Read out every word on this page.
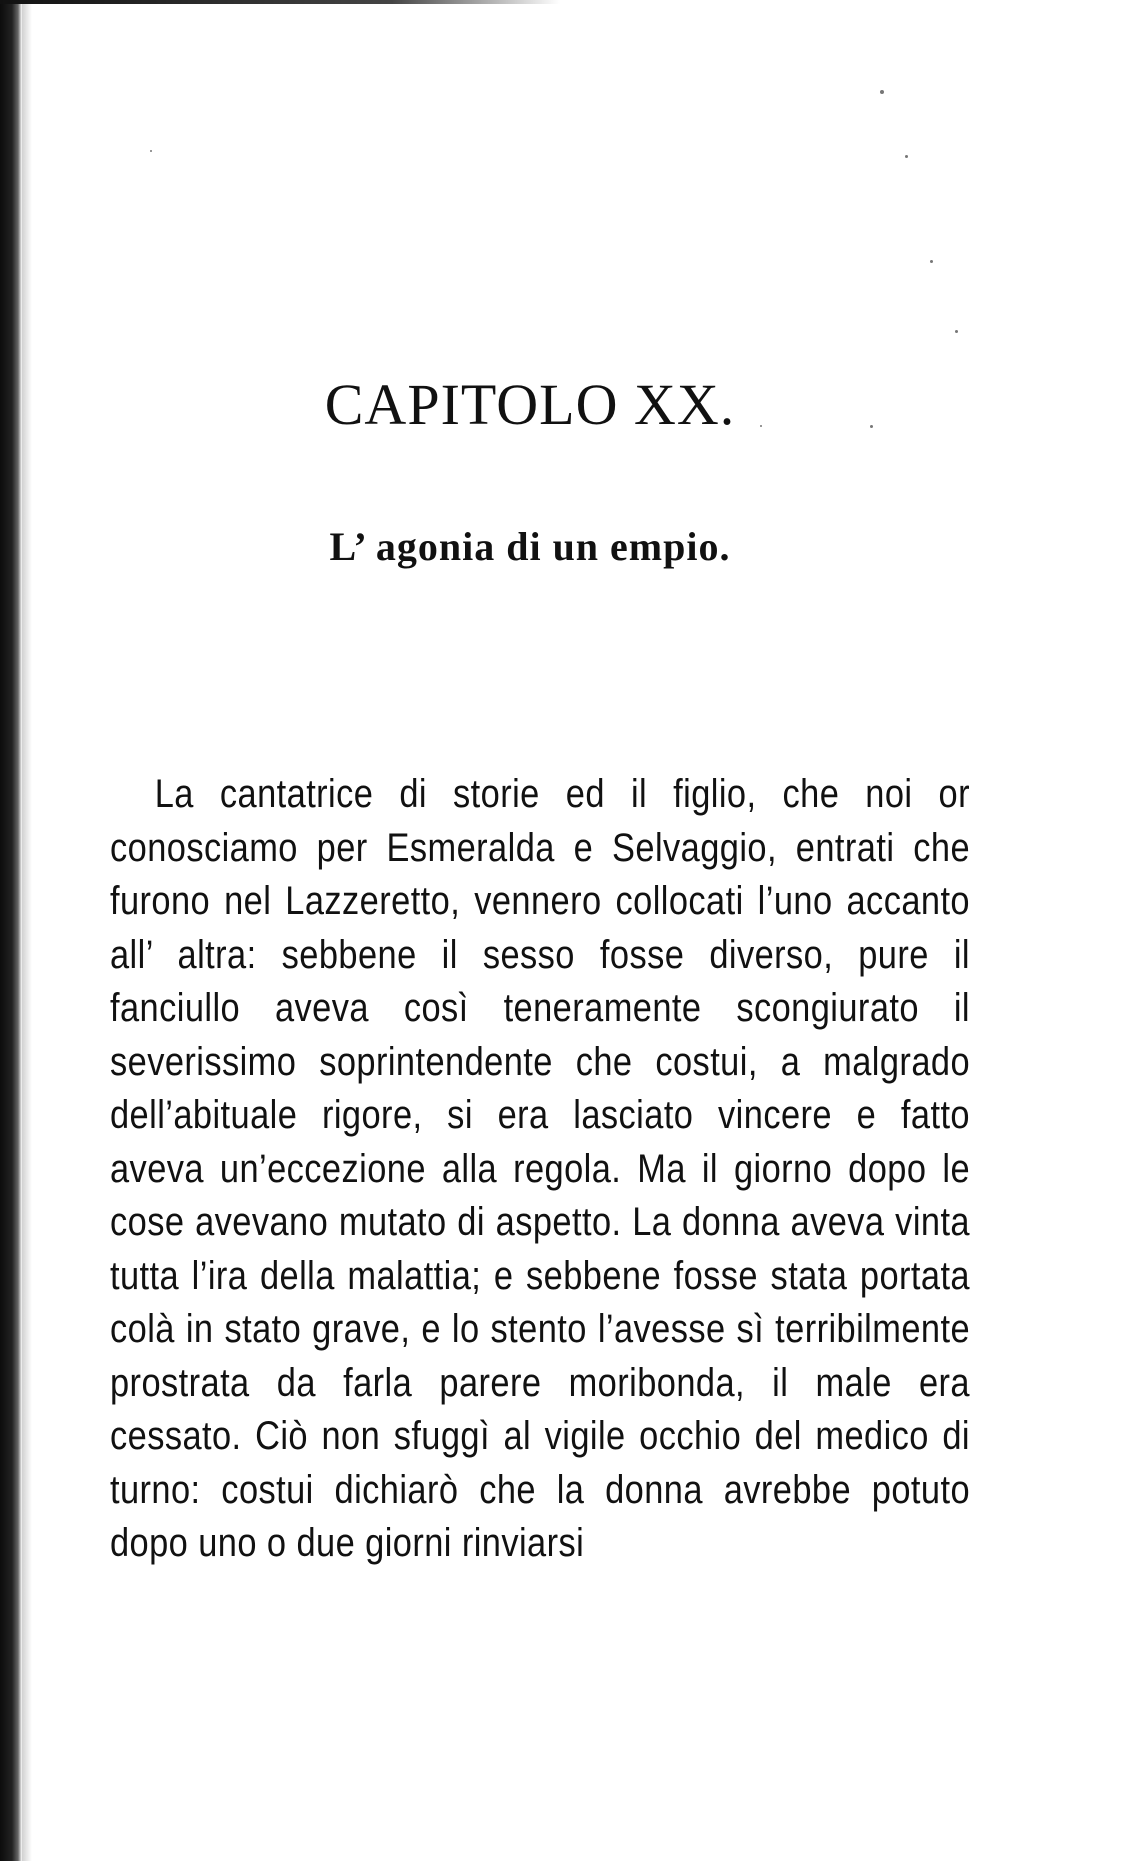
CAPITOLO XX.
L’ agonia di un empio.

La cantatrice di storie ed il figlio, che noi or conosciamo per Esmeralda e Selvaggio, entrati che furono nel Lazzeretto, vennero collocati l’uno accanto all’ altra: sebbene il sesso fosse diverso, pure il fanciullo aveva così teneramente scongiurato il severissimo soprintendente che costui, a malgrado dell’abituale rigore, si era lasciato vincere e fatto aveva un’eccezione alla regola. Ma il giorno dopo le cose avevano mutato di aspetto. La donna aveva vinta tutta l’ira della malattia; e sebbene fosse stata portata colà in stato grave, e lo stento l’avesse sì terribilmente prostrata da farla parere moribonda, il male era cessato. Ciò non sfuggì al vigile occhio del medico di turno: costui dichiarò che la donna avrebbe potuto dopo uno o due giorni rinviarsi
